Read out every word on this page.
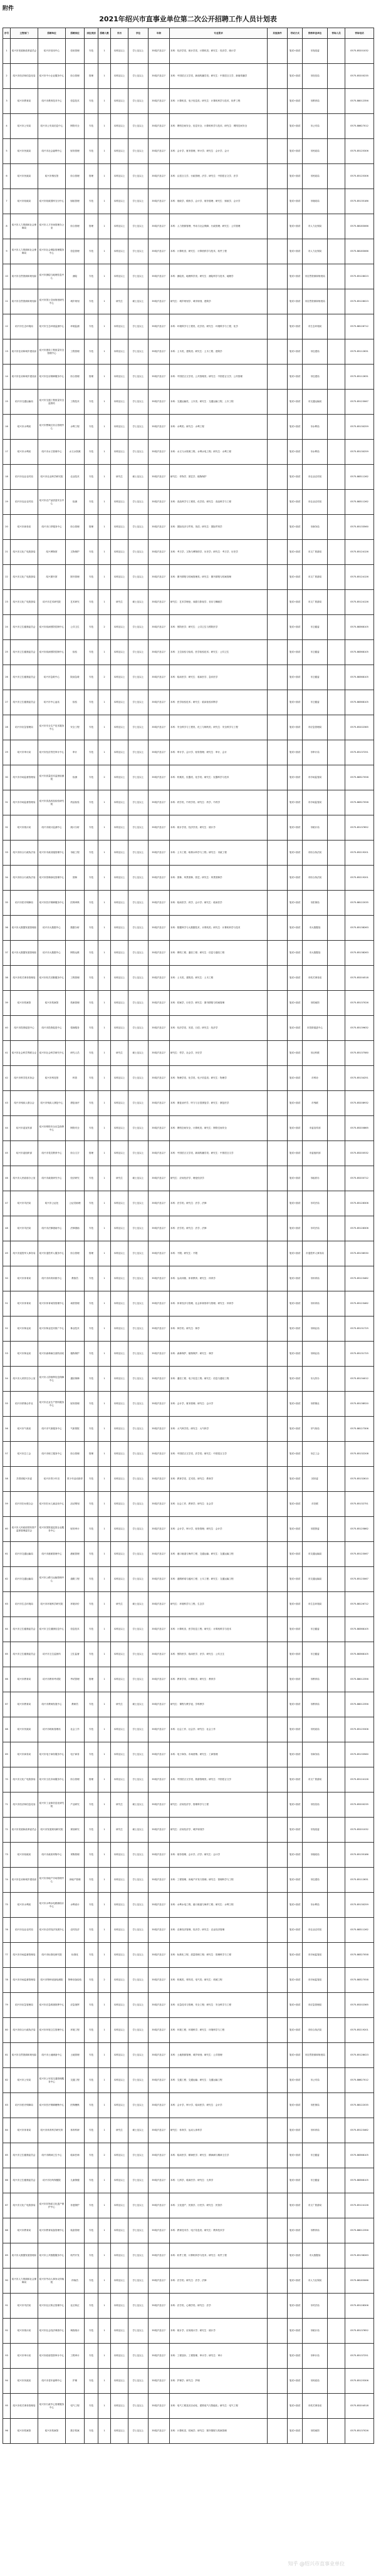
附件
2021年绍兴市直事业单位第二次公开招聘工作人员计划表
序号	主管部门	招聘单位	招聘岗位	岗位类别	招聘人数	学历	学位	年龄	专业要求	其他条件	考试方式	资格审查单位	咨询人员	咨询电话
1	绍兴市发展和改革委员会	绍兴市信用中心	信用管理	专技	1	本科及以上	学士及以上	35周岁及以下	本科：经济学类、统计学类、计算机类；研究生：经济学、统计学		笔试+面试	市发改委		0575-85201032
2	绍兴市经济和信息化局	绍兴市中小企业服务中心	综合管理	管理	1	本科及以上	学士及以上	35周岁及以下	本科：中国语言文学类、新闻传播学类；研究生：中国语言文学、新闻传播学		笔试+面试	市经信局		0575-85200235
3	绍兴市教育局	绍兴市教育技术中心	信息技术	专技	1	本科及以上	学士及以上	35周岁及以下	本科：计算机类、电子信息类；研究生：计算机科学与技术、软件工程		笔试+面试	市教育局		0575-88012356
4	绍兴市公安局	绍兴市公安局信息中心	网络安全	专技	1	本科及以上	学士及以上	35周岁及以下	本科：网络空间安全、信息安全、计算机科学与技术；研究生：网络空间安全		笔试+面试	市公安局		0575-88627012
5	绍兴市民政局	绍兴市社会福利中心	财务管理	专技	1	本科及以上	学士及以上	35周岁及以下	本科：会计学、财务管理、审计学；研究生：会计学、会计		笔试+面试	市民政局		0575-85125306
6	绍兴市民政局	绍兴市殡仪馆	综合管理	管理	1	本科及以上	学士及以上	35周岁及以下	本科：汉语言文学、行政管理、法学；研究生：中国语言文学、法学		笔试+面试	市民政局		0575-85125306
7	绍兴市财政局	绍兴市财政国库支付中心	财政管理	专技	1	本科及以上	学士及以上	35周岁及以下	本科：财政学、税收学、会计学、财务管理；研究生：财政学、会计学		笔试+面试	市财政局		0575-85135186
8	绍兴市人力资源和社会保障局	绍兴市人才市场管理办公室	综合管理	管理	1	本科及以上	学士及以上	35周岁及以下	本科：人力资源管理、劳动与社会保障、行政管理；研究生：公共管理		笔试+面试	市人力社保局		0575-88183066
9	绍兴市人力资源和社会保障局	绍兴市社会保险管理服务中心	信息管理	专技	1	本科及以上	学士及以上	35周岁及以下	本科：计算机类；研究生：计算机科学与技术、软件工程		笔试+面试	市人力社保局		0575-88183066
10	绍兴市自然资源和规划局	绍兴市测绘与地理信息中心	测绘	专技	1	本科及以上	学士及以上	35周岁及以下	本科：测绘类、地理科学类；研究生：测绘科学与技术、地理学		笔试+面试	市自然资源和规划局		0575-85128023
11	绍兴市自然资源和规划局	绍兴市国土空间规划研究中心	城乡规划	专技	1	研究生	硕士及以上	35周岁及以下	研究生：城乡规划学、城市规划、建筑学		笔试+面试	市自然资源和规划局		0575-85128023
12	绍兴市生态环境局	绍兴市生态环境监测中心	环境监测	专技	1	本科及以上	学士及以上	35周岁及以下	本科：环境科学与工程类、化学类；研究生：环境科学与工程、化学		笔试+面试	市生态环境局		0575-88126712
13	绍兴市住房和城乡建设局	绍兴市建设工程质量安全管理中心	工程管理	专技	1	本科及以上	学士及以上	35周岁及以下	本科：土木类、建筑类；研究生：土木工程、建筑学		笔试+面试	市住建局		0575-85112631
14	绍兴市住房和城乡建设局	绍兴市住房保障服务中心	综合管理	管理	1	本科及以上	学士及以上	35周岁及以下	本科：中国语言文学类、公共管理类；研究生：中国语言文学、公共管理		笔试+面试	市住建局		0575-85112631
15	绍兴市交通运输局	绍兴市交通工程质量安全监督站	工程技术	专技	1	本科及以上	学士及以上	35周岁及以下	本科：交通运输类、土木类；研究生：交通运输工程、土木工程		笔试+面试	市交通运输局		0575-85123067
16	绍兴市水利局	绍兴市曹娥江综合管理中心	水利工程	专技	1	本科及以上	学士及以上	35周岁及以下	本科：水利类；研究生：水利工程		笔试+面试	市水利局		0575-85130259
17	绍兴市水利局	绍兴市水文管理中心	水文水资源	专技	1	本科及以上	学士及以上	35周岁及以下	本科：水文与水资源工程、水利水电工程；研究生：水利工程		笔试+面试	市水利局		0575-85130259
18	绍兴市农业农村局	绍兴市农业科学研究院	农业技术	专技	1	研究生	硕士及以上	35周岁及以下	研究生：作物学、园艺学、植物保护		笔试+面试	市农业农村局		0575-88311262
19	绍兴市农业农村局	绍兴市农产品质量安全中心	检测	专技	1	本科及以上	学士及以上	35周岁及以下	本科：食品科学与工程类、化学类；研究生：食品科学与工程		笔试+面试	市农业农村局		0575-88311262
20	绍兴市商务局	绍兴市口岸服务中心	综合管理	管理	1	本科及以上	学士及以上	35周岁及以下	本科：国际经济与贸易、英语；研究生：国际贸易学		笔试+面试	市商务局		0575-85133560
21	绍兴市文化广电旅游局	绍兴博物馆	文物保护	专技	1	本科及以上	学士及以上	35周岁及以下	本科：考古学、文物与博物馆学、历史学；研究生：考古学、历史学		笔试+面试	市文广旅游局		0575-85124126
22	绍兴市文化广电旅游局	绍兴图书馆	图书管理	专技	1	本科及以上	学士及以上	35周岁及以下	本科：图书情报与档案管理类；研究生：图书情报与档案管理		笔试+面试	市文广旅游局		0575-85124126
23	绍兴市文化广电旅游局	绍兴市艺术研究院	艺术研究	专技	1	研究生	硕士及以上	35周岁及以下	研究生：艺术学理论、戏剧与影视学、音乐与舞蹈学		笔试+面试	市文广旅游局		0575-85124126
24	绍兴市卫生健康委员会	绍兴市疾病预防控制中心	公共卫生	专技	2	本科及以上	学士及以上	35周岁及以下	本科：预防医学；研究生：公共卫生与预防医学		笔试+面试	市卫健委		0575-88368105
25	绍兴市卫生健康委员会	绍兴市疾病预防控制中心	检验	专技	1	本科及以上	学士及以上	35周岁及以下	本科：卫生检验与检疫、医学检验技术；研究生：公共卫生		笔试+面试	市卫健委		0575-88368105
26	绍兴市卫生健康委员会	绍兴市急救中心	院前急救	专技	2	本科及以上	学士及以上	35周岁及以下	本科：临床医学；研究生：临床医学、急诊医学		笔试+面试	市卫健委		0575-88368105
27	绍兴市卫生健康委员会	绍兴市中心血站	检验	专技	1	本科及以上	学士及以上	35周岁及以下	本科：医学检验技术；研究生：临床检验诊断学		笔试+面试	市卫健委		0575-88368105
28	绍兴市应急管理局	绍兴市安全生产技术服务中心	安全工程	专技	1	本科及以上	学士及以上	35周岁及以下	本科：安全科学与工程类、化工与制药类；研究生：安全科学与工程		笔试+面试	市应急管理局		0575-85202365
29	绍兴市审计局	绍兴市经济责任审计中心	审计	专技	1	本科及以上	学士及以上	35周岁及以下	本科：审计学、会计学、财务管理；研究生：审计、会计		笔试+面试	市审计局		0575-85137251
30	绍兴市市场监督管理局	绍兴市质量技术监督检测院	检测	专技	2	本科及以上	学士及以上	35周岁及以下	本科：机械类、仪器类、化学类；研究生：仪器科学与技术		笔试+面试	市市场监管局		0575-88327058
31	绍兴市市场监督管理局	绍兴市食品药品检验研究院	药品检验	专技	1	本科及以上	学士及以上	35周岁及以下	本科：药学类、中药学类；研究生：药学、中药学		笔试+面试	市市场监管局		0575-88327058
32	绍兴市统计局	绍兴市统计监测中心	统计分析	专技	1	本科及以上	学士及以上	35周岁及以下	本科：统计学类、经济学类；研究生：统计学		笔试+面试	市统计局		0575-85137652
33	绍兴市综合行政执法局	绍兴市市政设施管理中心	市政工程	专技	1	本科及以上	学士及以上	35周岁及以下	本科：土木工程、给排水科学与工程；研究生：市政工程		笔试+面试	市综合执法局		0575-85219201
34	绍兴市综合行政执法局	绍兴市园林绿化管理中心	园林	专技	1	本科及以上	学士及以上	35周岁及以下	本科：园林、风景园林、园艺；研究生：风景园林学		笔试+面试	市综合执法局		0575-85219201
35	绍兴市医疗保障局	绍兴市医疗保障服务中心	医保审核	专技	1	本科及以上	学士及以上	35周岁及以下	本科：临床医学、药学、会计学；研究生：临床医学		笔试+面试	市医保局		0575-88122035
36	绍兴市大数据发展管理局	绍兴市大数据中心	数据分析	专技	1	本科及以上	学士及以上	35周岁及以下	本科：数据科学与大数据技术、计算机类；研究生：计算机科学与技术		笔试+面试	市大数据局		0575-85138263
37	绍兴市大数据发展管理局	绍兴市大数据中心	网络运维	专技	1	本科及以上	学士及以上	35周岁及以下	本科：网络工程、通信工程；研究生：信息与通信工程		笔试+面试	市大数据局		0575-85138263
38	绍兴市机关事务管理局	绍兴市机关后勤服务中心	工程管理	专技	1	本科及以上	学士及以上	35周岁及以下	本科：土木类、建筑类；研究生：土木工程		笔试+面试	市机关事务局		0575-85204518
39	绍兴市档案馆	绍兴市档案馆	档案管理	专技	1	本科及以上	学士及以上	35周岁及以下	本科：档案学、历史学；研究生：图书情报与档案管理		笔试+面试	市档案馆		0575-85137026
40	绍兴市投资促进中心	绍兴市投资促进中心	招商服务	专技	1	本科及以上	学士及以上	35周岁及以下	本科：经济学类、英语、日语；研究生：经济学		笔试+面试	市投资促进中心		0575-85139632
41	绍兴市社会科学界联合会	绍兴市社会科学研究中心	研究人员	专技	1	研究生	硕士及以上	35周岁及以下	研究生：哲学、社会学、历史学		笔试+面试	市社科联		0575-85137580
42	绍兴市科学技术协会	绍兴市科技馆	科普	专技	1	本科及以上	学士及以上	35周岁及以下	本科：物理学类、化学类、电子信息类；研究生：物理学		笔试+面试	市科协		0575-85134251
43	绍兴市残疾人联合会	绍兴市残疾人康复中心	康复治疗	专技	1	本科及以上	学士及以上	35周岁及以下	本科：康复治疗学、听力与言语康复学；研究生：康复医学		笔试+面试	市残联		0575-85208932
44	绍兴市委宣传部	绍兴市网络安全应急指挥中心	网络安全	专技	1	本科及以上	学士及以上	35周岁及以下	本科：网络空间安全、计算机类；研究生：网络空间安全		笔试+面试	市委宣传部		0575-85200865
45	绍兴市委组织部	绍兴市党员教育中心	综合文字	管理	1	本科及以上	学士及以上	35周岁及以下	本科：中国语言文学类、新闻传播学类；研究生：中国语言文学		笔试+面试	市委组织部		0575-85200532
46	绍兴市人民政府办公室	绍兴市政府研究中心	经济研究	专技	1	研究生	硕士及以上	35周岁及以下	研究生：应用经济学、理论经济学		笔试+面试	市政府办		0575-85200712
47	绍兴市司法局	绍兴市公证处	公证员助理	专技	1	本科及以上	学士及以上	35周岁及以下	本科：法学类；研究生：法学、法律		笔试+面试	市司法局		0575-85128306
48	绍兴市司法局	绍兴市法律援助中心	法律援助	专技	1	本科及以上	学士及以上	35周岁及以下	本科：法学类；研究生：法学、法律		笔试+面试	市司法局		0575-85128306
49	绍兴市退役军人事务局	绍兴市退役军人服务中心	综合管理	管理	1	本科及以上	学士及以上	35周岁及以下	本科：不限；研究生：不限		笔试+面试	市退役军人事务局		0575-85136530
50	绍兴市体育局	绍兴市体育训练中心	教练员	专技	1	本科及以上	学士及以上	35周岁及以下	本科：运动训练、体育教育；研究生：体育学		笔试+面试	市体育局		0575-85123462
51	绍兴市体育局	绍兴市体育场馆管理中心	场馆管理	专技	1	本科及以上	学士及以上	35周岁及以下	本科：体育经济与管理、社会体育指导与管理；研究生：体育学		笔试+面试	市体育局		0575-85123462
52	绍兴市林业局	绍兴市林业技术推广中心	林业技术	专技	1	本科及以上	学士及以上	35周岁及以下	本科：林学类；研究生：林学		笔试+面试	市林业局		0575-85131725
53	绍兴市林业局	绍兴市森林病虫害防治站	植物保护	专技	1	本科及以上	学士及以上	35周岁及以下	本科：森林保护、植物保护；研究生：林学		笔试+面试	市林业局		0575-85131725
54	绍兴市人民防空办公室	绍兴市人防指挥信息保障中心	通信保障	专技	1	本科及以上	学士及以上	35周岁及以下	本科：通信工程、电子信息工程；研究生：信息与通信工程		笔试+面试	市人防办		0575-85134012
55	绍兴市供销合作社	绍兴市农业生产资料服务中心	财务管理	专技	1	本科及以上	学士及以上	35周岁及以下	本科：会计学、财务管理；研究生：会计学		笔试+面试	市供销社		0575-85138520
56	绍兴市气象局	绍兴市气象服务中心	气象预报	专技	1	本科及以上	学士及以上	35周岁及以下	本科：大气科学类；研究生：大气科学		笔试+面试	市气象局		0575-88127306
57	绍兴市总工会	绍兴市职工服务中心	综合管理	管理	1	本科及以上	学士及以上	35周岁及以下	本科：中国语言文学类、法学类；研究生：中国语言文学		笔试+面试	市总工会		0575-85132208
58	共青团绍兴市委	绍兴市青少年宫	青少年活动指导	专技	1	本科及以上	学士及以上	35周岁及以下	本科：教育学类、艺术类；研究生：教育学		笔试+面试	团市委		0575-85132610
59	绍兴市妇女联合会	绍兴市妇女儿童活动中心	活动策划	专技	1	本科及以上	学士及以上	35周岁及以下	本科：社会工作、教育学；研究生：社会学		笔试+面试	市妇联		0575-85132751
60	绍兴市人民政府国有资产监督管理委员会	绍兴市国资委监管企业服务中心	财务审计	专技	1	本科及以上	学士及以上	35周岁及以下	本科：会计学、审计学、财务管理；研究生：会计学		笔试+面试	市国资委		0575-85125862
61	绍兴市交通运输局	绍兴市港航管理中心	港航管理	专技	1	本科及以上	学士及以上	35周岁及以下	本科：港口航道与海岸工程、交通运输；研究生：交通运输工程		笔试+面试	市交通运输局		0575-85123067
62	绍兴市交通运输局	绍兴市公路与运输管理中心	道路工程	专技	1	本科及以上	学士及以上	35周岁及以下	本科：道路桥梁与渡河工程、土木工程；研究生：交通运输工程		笔试+面试	市交通运输局		0575-85123067
63	绍兴市生态环境局	绍兴市环境科学研究院	环境评价	专技	1	研究生	硕士及以上	35周岁及以下	研究生：环境科学与工程、生态学		笔试+面试	市生态环境局		0575-88126712
64	绍兴市卫生健康委员会	绍兴市卫生健康信息中心	信息技术	专技	1	本科及以上	学士及以上	35周岁及以下	本科：计算机类、医学信息工程；研究生：计算机科学与技术		笔试+面试	市卫健委		0575-88368105
65	绍兴市卫生健康委员会	绍兴市卫生监督所	卫生监督	专技	1	本科及以上	学士及以上	35周岁及以下	本科：预防医学、临床医学、法学；研究生：公共卫生		笔试+面试	市卫健委		0575-88368105
66	绍兴市教育局	绍兴市教育考试院	考试管理	管理	1	本科及以上	学士及以上	35周岁及以下	本科：教育学类、计算机类；研究生：教育学		笔试+面试	市教育局		0575-88012356
67	绍兴市教育局	绍兴市教师发展中心	教研员	专技	1	研究生	硕士及以上	35周岁及以下	研究生：课程与教学论、学科教学		笔试+面试	市教育局		0575-88012356
68	绍兴市民政局	绍兴市救助管理站	社会工作	专技	1	本科及以上	学士及以上	35周岁及以下	本科：社会工作、社会学；研究生：社会工作		笔试+面试	市民政局		0575-85125306
69	绍兴市商务局	绍兴市电子商务服务中心	电子商务	专技	1	本科及以上	学士及以上	35周岁及以下	本科：电子商务、市场营销；研究生：工商管理		笔试+面试	市商务局		0575-85133560
70	绍兴市文化广电旅游局	绍兴市文化市场服务中心	综合管理	管理	1	本科及以上	学士及以上	35周岁及以下	本科：中国语言文学类、旅游管理类；研究生：中国语言文学		笔试+面试	市文广旅游局		0575-85124126
71	绍兴市经济和信息化局	绍兴市工业和信息化研究院	产业研究	专技	1	研究生	硕士及以上	35周岁及以下	研究生：应用经济学、管理科学与工程		笔试+面试	市经信局		0575-85200235
72	绍兴市发展和改革委员会	绍兴市发展规划研究院	规划研究	专技	1	研究生	硕士及以上	35周岁及以下	研究生：应用经济学、城乡规划学		笔试+面试	市发改委		0575-85201032
73	绍兴市财政局	绍兴市政府采购中心	采购管理	专技	1	本科及以上	学士及以上	35周岁及以下	本科：财务管理、会计学、法学；研究生：会计学		笔试+面试	市财政局		0575-85135186
74	绍兴市住房和城乡建设局	绍兴市房地产市场管理中心	房地产管理	专技	1	本科及以上	学士及以上	35周岁及以下	本科：工程管理、房地产开发与管理；研究生：管理科学与工程		笔试+面试	市住建局		0575-85112631
75	绍兴市水利局	绍兴市水利水电勘测设计中心	水利设计	专技	1	本科及以上	学士及以上	35周岁及以下	本科：水利水电工程、港口航道与海岸工程；研究生：水利工程		笔试+面试	市水利局		0575-85130259
76	绍兴市农业农村局	绍兴市农村经济发展中心	农村经济	专技	1	本科及以上	学士及以上	35周岁及以下	本科：农林经济管理、经济学；研究生：农业经济管理		笔试+面试	市农业农村局		0575-88311262
77	绍兴市市场监督管理局	绍兴市标准化研究院	标准化	专技	1	本科及以上	学士及以上	35周岁及以下	本科：标准化工程、质量管理工程；研究生：管理科学与工程		笔试+面试	市市场监管局		0575-88327058
78	绍兴市市场监督管理局	绍兴市特种设备检测院	特种设备检验	专技	2	本科及以上	学士及以上	35周岁及以下	本科：机械类、材料类、电气类；研究生：机械工程		笔试+面试	市市场监管局		0575-88327058
79	绍兴市应急管理局	绍兴市应急救援指挥中心	应急指挥	专技	1	本科及以上	学士及以上	35周岁及以下	本科：应急技术与管理、安全工程；研究生：安全科学与工程		笔试+面试	市应急管理局		0575-85202365
80	绍兴市综合行政执法局	绍兴市环境卫生管理中心	环境工程	专技	1	本科及以上	学士及以上	35周岁及以下	本科：环境工程、环境科学；研究生：环境科学与工程		笔试+面试	市综合执法局		0575-85219201
81	绍兴市自然资源和规划局	绍兴市土地储备中心	土地管理	专技	1	本科及以上	学士及以上	35周岁及以下	本科：土地资源管理、城乡规划；研究生：公共管理		笔试+面试	市自然资源和规划局		0575-85128023
82	绍兴市公安局	绍兴市公安局交通管理服务中心	交通工程	专技	1	本科及以上	学士及以上	35周岁及以下	本科：交通工程、交通运输；研究生：交通运输工程		笔试+面试	市公安局		0575-88627012
83	绍兴市医疗保障局	绍兴市医疗保障稽核中心	医保稽核	专技	1	本科及以上	学士及以上	35周岁及以下	本科：会计学、审计学、临床医学；研究生：会计学		笔试+面试	市医保局		0575-88122035
84	绍兴市体育局	绍兴市体育科学研究所	体育科研	专技	1	研究生	硕士及以上	35周岁及以下	研究生：体育学、运动人体科学		笔试+面试	市体育局		0575-85123462
85	绍兴市卫生健康委员会	绍兴市精神卫生中心	临床医师	专技	2	本科及以上	学士及以上	35周岁及以下	本科：临床医学、精神医学；研究生：精神病与精神卫生学		笔试+面试	市卫健委		0575-88368105
86	绍兴市卫生健康委员会	绍兴市妇幼保健院	儿童保健	专技	1	本科及以上	学士及以上	35周岁及以下	本科：儿科学、临床医学；研究生：儿科学		笔试+面试	市卫健委		0575-88368105
87	绍兴市文化广电旅游局	绍兴市非物质文化遗产保护中心	非遗保护	专技	1	本科及以上	学士及以上	35周岁及以下	本科：文化遗产、民族学、历史学；研究生：民俗学		笔试+面试	市文广旅游局		0575-85124126
88	绍兴市教育局	绍兴市教育装备管理中心	装备管理	专技	1	本科及以上	学士及以上	35周岁及以下	本科：教育技术学、电子信息类；研究生：教育技术学		笔试+面试	市教育局		0575-88012356
89	绍兴市大数据发展管理局	绍兴市公共数据服务中心	软件开发	专技	1	本科及以上	学士及以上	35周岁及以下	本科：软件工程、计算机科学与技术；研究生：软件工程		笔试+面试	市大数据局		0575-85138263
90	绍兴市人力资源和社会保障局	绍兴市劳动人事争议仲裁院	仲裁员	专技	1	本科及以上	学士及以上	35周岁及以下	本科：法学类；研究生：法学、法律		笔试+面试	市人力社保局		0575-88183066
91	绍兴市司法局	绍兴市社区矫正管理中心	社区矫正	专技	1	本科及以上	学士及以上	35周岁及以下	本科：法学类、心理学类；研究生：法学		笔试+面试	市司法局		0575-85128306
92	绍兴市统计局	绍兴市社会经济调查中心	调查统计	专技	1	本科及以上	学士及以上	35周岁及以下	本科：统计学、应用统计学；研究生：统计学		笔试+面试	市统计局		0575-85137652
93	绍兴市审计局	绍兴市政府投资审计中心	工程审计	专技	1	本科及以上	学士及以上	35周岁及以下	本科：工程造价、工程管理、审计学；研究生：审计		笔试+面试	市审计局		0575-85137251
94	绍兴市民政局	绍兴市老年福利中心	护理	专技	1	本科及以上	学士及以上	35周岁及以下	本科：护理学；研究生：护理		笔试+面试	市民政局		0575-85125306
95	绍兴市机关事务管理局	绍兴市行政中心管理服务中心	电气工程	专技	1	本科及以上	学士及以上	35周岁及以下	本科：电气工程及其自动化、建筑电气与智能化；研究生：电气工程		笔试+面试	市机关事务局		0575-85204518
96	绍兴市档案馆	绍兴市档案馆	数字档案	专技	1	本科及以上	学士及以上	35周岁及以下	本科：计算机类、档案学；研究生：图书情报与档案管理		笔试+面试	市档案馆		0575-85137026
知乎 @绍兴市直事业单位
